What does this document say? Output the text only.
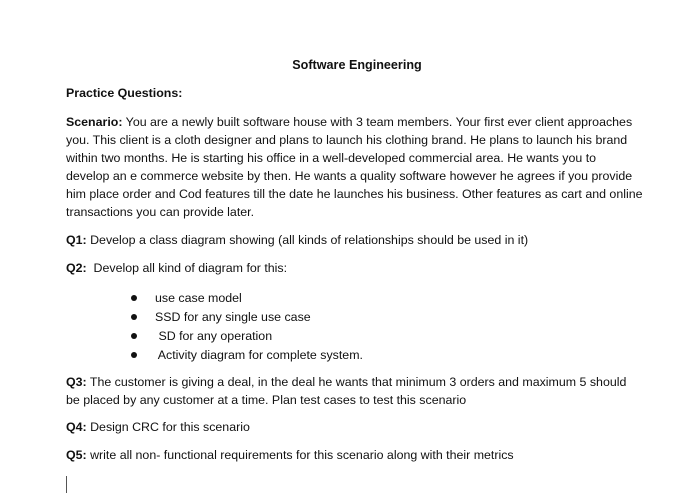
Software Engineering
Practice Questions:
Scenario: You are a newly built software house with 3 team members. Your first ever client approaches
you. This client is a cloth designer and plans to launch his clothing brand. He plans to launch his brand
within two months. He is starting his office in a well-developed commercial area. He wants you to
develop an e commerce website by then. He wants a quality software however he agrees if you provide
him place order and Cod features till the date he launches his business. Other features as cart and online
transactions you can provide later.
Q1: Develop a class diagram showing (all kinds of relationships should be used in it)
Q2:  Develop all kind of diagram for this:
use case model
SSD for any single use case
SD for any operation
Activity diagram for complete system.
Q3: The customer is giving a deal, in the deal he wants that minimum 3 orders and maximum 5 should
be placed by any customer at a time. Plan test cases to test this scenario
Q4: Design CRC for this scenario
Q5: write all non- functional requirements for this scenario along with their metrics
